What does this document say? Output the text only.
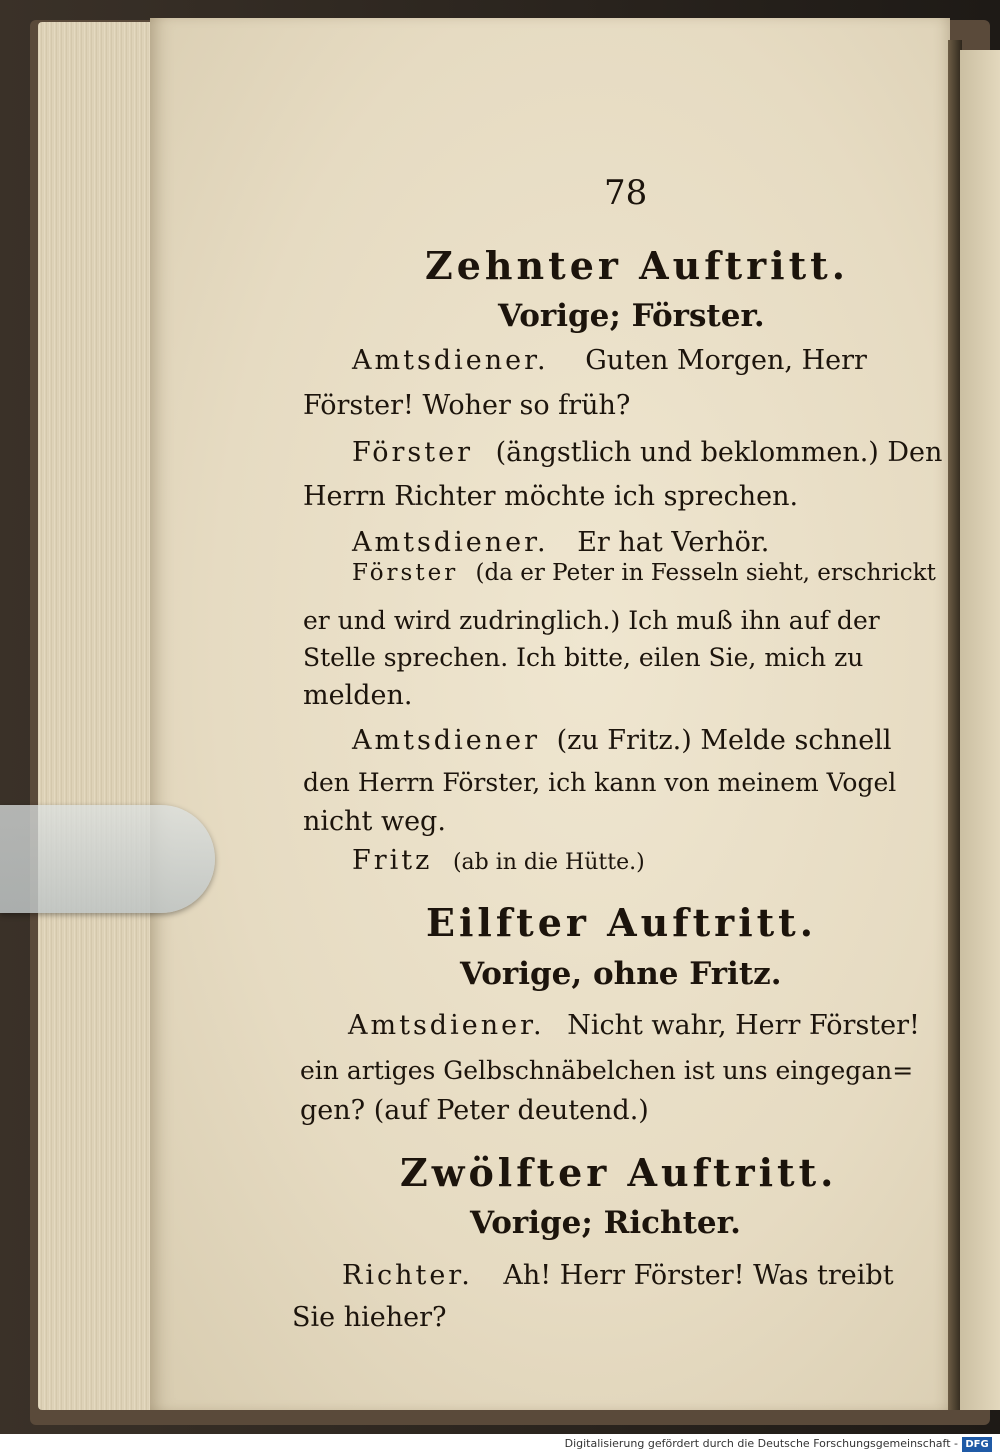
78
Zehnter Auftritt.
Vorige; Förster.
Amtsdiener. Guten Morgen, Herr
Förster! Woher so früh?
Förster (ängstlich und beklommen.) Den
Herrn Richter möchte ich sprechen.
Amtsdiener. Er hat Verhör.
Förster (da er Peter in Fesseln sieht, erschrickt
er und wird zudringlich.) Ich muß ihn auf der
Stelle sprechen. Ich bitte, eilen Sie, mich zu
melden.
Amtsdiener (zu Fritz.) Melde schnell
den Herrn Förster, ich kann von meinem Vogel
nicht weg.
Fritz (ab in die Hütte.)
Eilfter Auftritt.
Vorige, ohne Fritz.
Amtsdiener. Nicht wahr, Herr Förster!
ein artiges Gelbschnäbelchen ist uns eingegan=
gen? (auf Peter deutend.)
Zwölfter Auftritt.
Vorige; Richter.
Richter. Ah! Herr Förster! Was treibt
Sie hieher?
Digitalisierung gefördert durch die Deutsche Forschungsgemeinschaft - DFG
